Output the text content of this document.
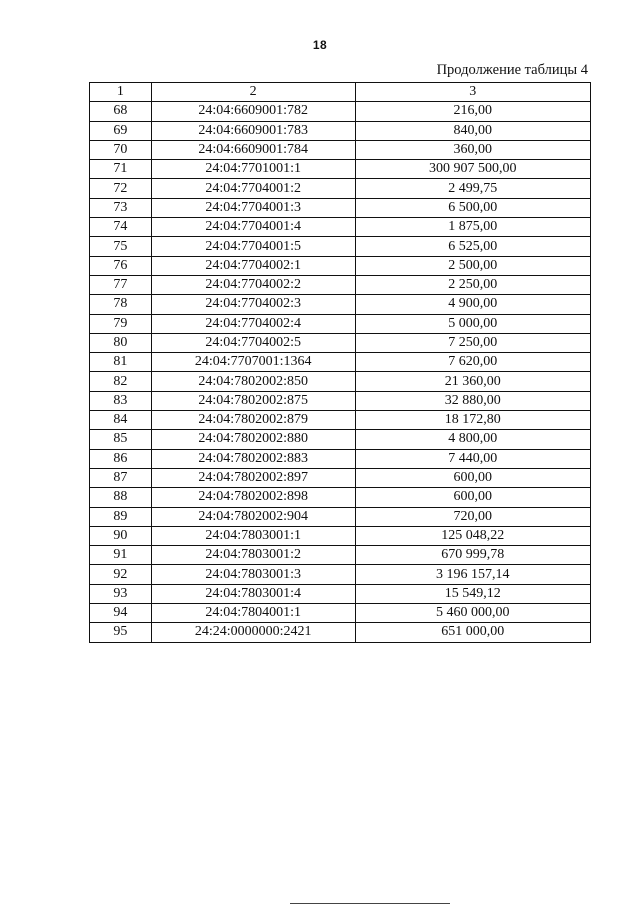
18
Продолжение таблицы 4
1	2	3
68	24:04:6609001:782	216,00
69	24:04:6609001:783	840,00
70	24:04:6609001:784	360,00
71	24:04:7701001:1	300 907 500,00
72	24:04:7704001:2	2 499,75
73	24:04:7704001:3	6 500,00
74	24:04:7704001:4	1 875,00
75	24:04:7704001:5	6 525,00
76	24:04:7704002:1	2 500,00
77	24:04:7704002:2	2 250,00
78	24:04:7704002:3	4 900,00
79	24:04:7704002:4	5 000,00
80	24:04:7704002:5	7 250,00
81	24:04:7707001:1364	7 620,00
82	24:04:7802002:850	21 360,00
83	24:04:7802002:875	32 880,00
84	24:04:7802002:879	18 172,80
85	24:04:7802002:880	4 800,00
86	24:04:7802002:883	7 440,00
87	24:04:7802002:897	600,00
88	24:04:7802002:898	600,00
89	24:04:7802002:904	720,00
90	24:04:7803001:1	125 048,22
91	24:04:7803001:2	670 999,78
92	24:04:7803001:3	3 196 157,14
93	24:04:7803001:4	15 549,12
94	24:04:7804001:1	5 460 000,00
95	24:24:0000000:2421	651 000,00
